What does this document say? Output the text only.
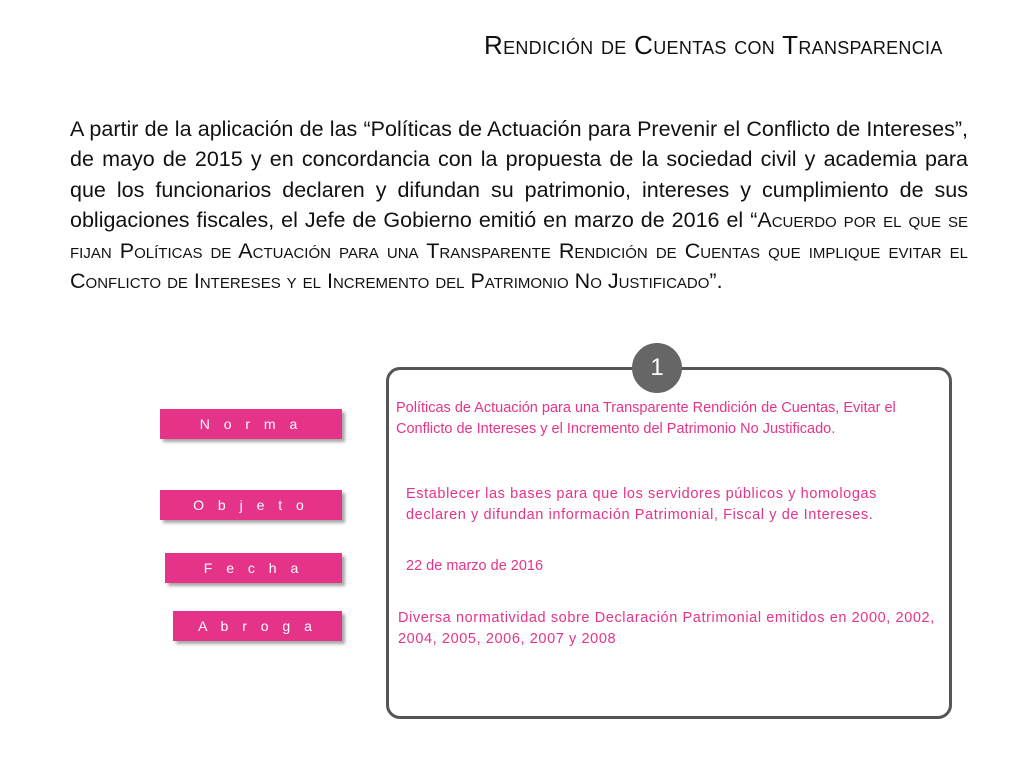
Rendición de Cuentas con Transparencia
A partir de la aplicación de las “Políticas de Actuación para Prevenir el Conflicto de Intereses”, de mayo de 2015 y en concordancia con la propuesta de la sociedad civil y academia para que los funcionarios declaren y difundan su patrimonio, intereses y cumplimiento de sus obligaciones fiscales, el Jefe de Gobierno emitió en marzo de 2016 el “Acuerdo por el que se fijan Políticas de Actuación para una Transparente Rendición de Cuentas que implique evitar el Conflicto de Intereses y el Incremento del Patrimonio No Justificado”.
1
N o r m a
O b j e t o
F e c h a
A b r o g a
Políticas de Actuación para una Transparente Rendición de Cuentas, Evitar el Conflicto de Intereses y el Incremento del Patrimonio No Justificado.
Establecer las bases para que los servidores públicos y homologas declaren y difundan información Patrimonial, Fiscal y de Intereses.
22 de marzo de 2016
Diversa normatividad sobre Declaración Patrimonial emitidos en 2000, 2002, 2004, 2005, 2006, 2007 y 2008
